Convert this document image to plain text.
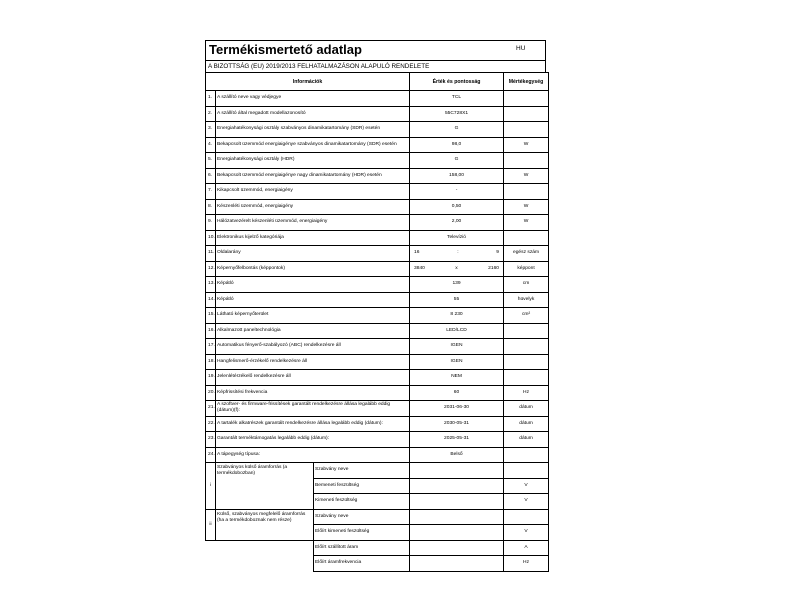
Termékismertető adatlap	HU
A BIZOTTSÁG (EU) 2019/2013 FELHATALMAZÁSON ALAPULÓ RENDELETE
Információk			Érték és pontosság	Mértékegység
1.	A szállító neve vagy védjegye		TCL	
2.	A szállító által megadott modellazonosító		55C728X1	
3.	Energiahatékonysági osztály szabványos dinamikatartomány (SDR) esetén		G	
4.	Bekapcsolt üzemmód energiaigénye szabványos dinamikatartomány (SDR) esetén		98,0	W
5.	Energiahatékonysági osztály (HDR)		G	
6.	Bekapcsolt üzemmód energiaigénye nagy dinamikatartomány (HDR) esetén		158,00	W
7.	Kikapcsolt üzemmód, energiaigény		-	
8.	Készenléti üzemmód, energiaigény		0,50	W
9.	Hálózatvezérelt készenléti üzemmód, energiaigény		2,00	W
10.	Elektronikus kijelző kategóriája		Televízió	
11.	Oldalarány		16 : 9	egész szám
12.	Képernyőfelbontás (képpontok)		3840 x 2160	képpont
13.	Képátló		139	cm
14.	Képátló		55	hüvelyk
15.	Látható képernyőterület		8 230	cm²
16.	Alkalmazott paneltechnológia		LED/LCD	
17.	Automatikus fényerő-szabályozó (ABC) rendelkezésre áll		IGEN	
18.	Hangfelismerő-érzékelő rendelkezésre áll		IGEN	
19.	Jelenlétérzékelő rendelkezésre áll		NEM	
20.	Képfrissítési frekvencia		60	Hz
21.	A szoftver- és firmware-frissítések garantált rendelkezésre állása legalább eddig (dátum)(f):		2031-06-30	dátum
22.	A tartalék alkatrészek garantált rendelkezésre állása legalább eddig (dátum):		2030-05-31	dátum
23.	Garantált terméktámogatás legalább eddig (dátum):		2025-05-31	dátum
24.	A tápegység típusa:		Belső	
i	Szabványos külső áramforrás (a termékdobozban)	Szabvány neve		
		Bemeneti feszültség		V
		Kimeneti feszültség		V
ii	Külső, szabványos megfelelő áramforrás (ha a termékdoboznak nem része)	Szabvány neve		
		Előírt kimeneti feszültség		V
		Előírt szállított áram		A
		Előírt áramfrekvencia		Hz
